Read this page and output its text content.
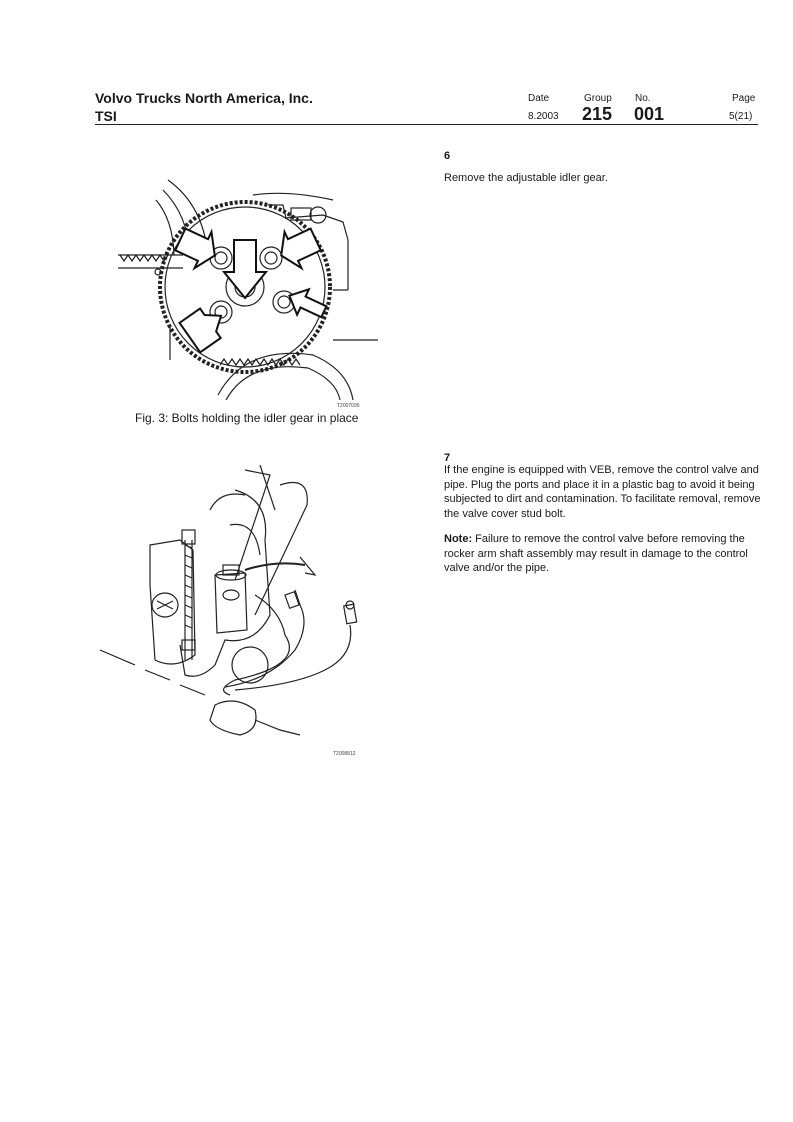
Volvo Trucks North America, Inc.
TSI
Date
8.2003
Group
215
No.
001
Page
5(21)
6
Remove the adjustable idler gear.
T2007095
Fig. 3: Bolts holding the idler gear in place
7
If the engine is equipped with VEB, remove the control valve and pipe. Plug the ports and place it in a plastic bag to avoid it being subjected to dirt and contamination. To facilitate removal, remove the valve cover stud bolt.
Note: Failure to remove the control valve before removing the rocker arm shaft assembly may result in damage to the control valve and/or the pipe.
T2008812
